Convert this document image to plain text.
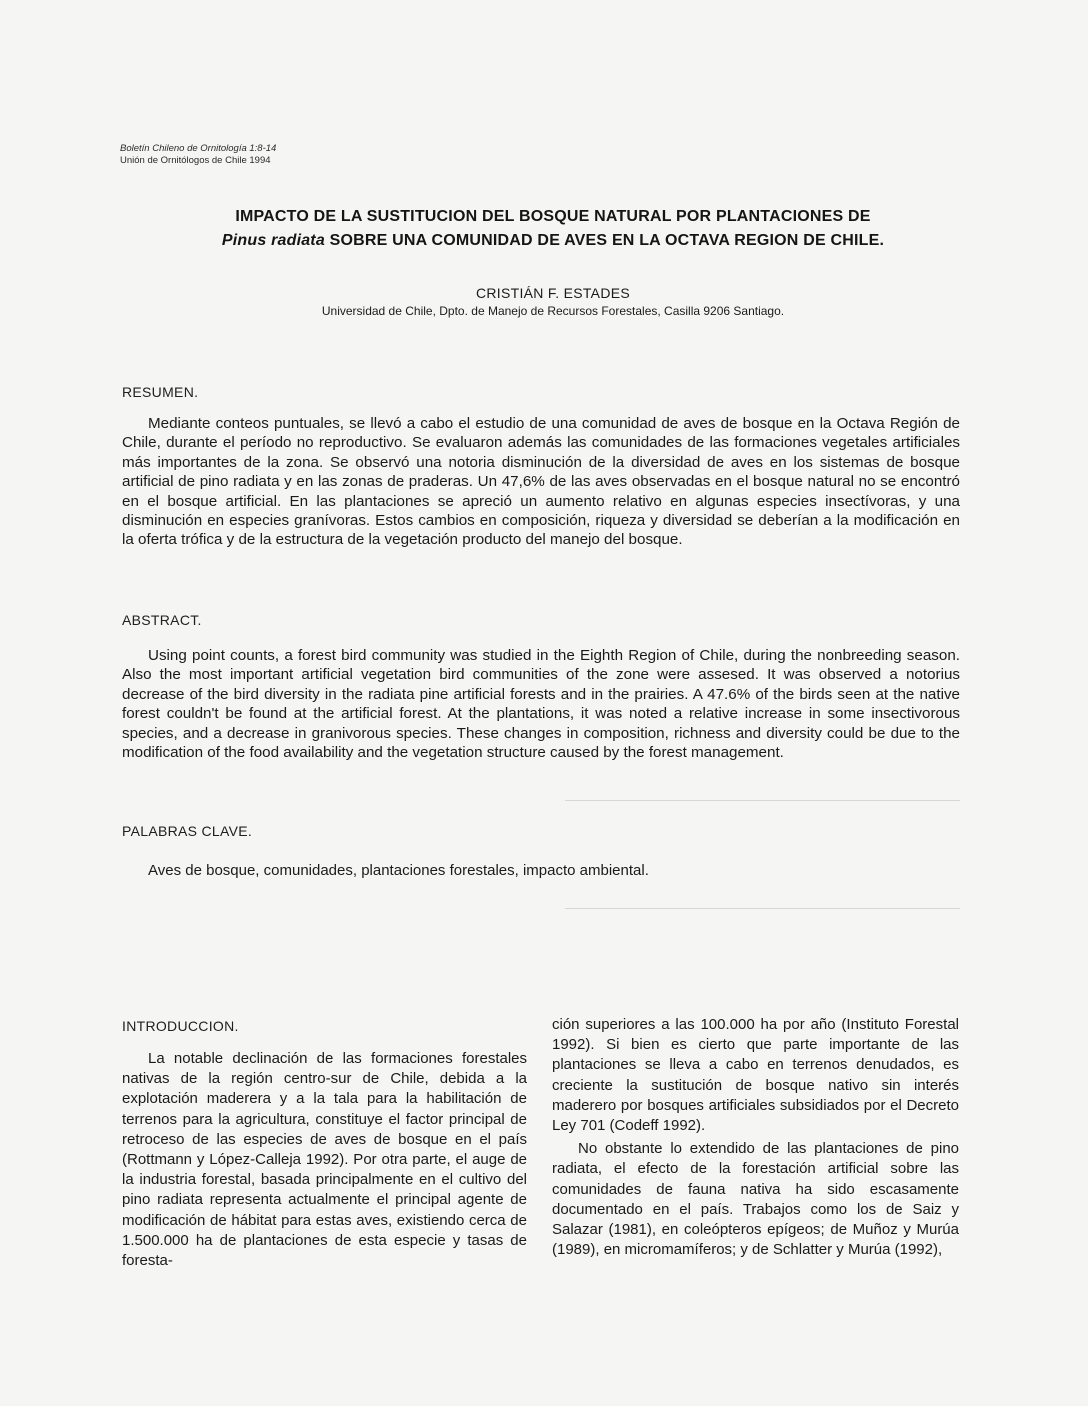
Boletín Chileno de Ornitología 1:8-14
Unión de Ornitólogos de Chile 1994
IMPACTO DE LA SUSTITUCION DEL BOSQUE NATURAL POR PLANTACIONES DE
Pinus radiata SOBRE UNA COMUNIDAD DE AVES EN LA OCTAVA REGION DE CHILE.
CRISTIÁN F. ESTADES
Universidad de Chile, Dpto. de Manejo de Recursos Forestales, Casilla 9206 Santiago.
RESUMEN.
Mediante conteos puntuales, se llevó a cabo el estudio de una comunidad de aves de bosque en la Octava Región de Chile, durante el período no reproductivo. Se evaluaron además las comunidades de las formaciones vegetales artificiales más importantes de la zona. Se observó una notoria disminución de la diversidad de aves en los sistemas de bosque artificial de pino radiata y en las zonas de praderas. Un 47,6% de las aves observadas en el bosque natural no se encontró en el bosque artificial. En las plantaciones se apreció un aumento relativo en algunas especies insectívoras, y una disminución en especies granívoras. Estos cambios en composición, riqueza y diversidad se deberían a la modificación en la oferta trófica y de la estructura de la vegetación producto del manejo del bosque.
ABSTRACT.
Using point counts, a forest bird community was studied in the Eighth Region of Chile, during the nonbreeding season. Also the most important artificial vegetation bird communities of the zone were assesed. It was observed a notorius decrease of the bird diversity in the radiata pine artificial forests and in the prairies. A 47.6% of the birds seen at the native forest couldn't be found at the artificial forest. At the plantations, it was noted a relative increase in some insectivorous species, and a decrease in granivorous species. These changes in composition, richness and diversity could be due to the modification of the food availability and the vegetation structure caused by the forest management.
PALABRAS CLAVE.
Aves de bosque, comunidades, plantaciones forestales, impacto ambiental.
INTRODUCCION.

La notable declinación de las formaciones forestales nativas de la región centro-sur de Chile, debida a la explotación maderera y a la tala para la habilitación de terrenos para la agricultura, constituye el factor principal de retroceso de las especies de aves de bosque en el país (Rottmann y López-Calleja 1992). Por otra parte, el auge de la industria forestal, basada principalmente en el cultivo del pino radiata representa actualmente el principal agente de modificación de hábitat para estas aves, existiendo cerca de 1.500.000 ha de plantaciones de esta especie y tasas de foresta-

ción superiores a las 100.000 ha por año (Instituto Forestal 1992). Si bien es cierto que parte importante de las plantaciones se lleva a cabo en terrenos denudados, es creciente la sustitución de bosque nativo sin interés maderero por bosques artificiales subsidiados por el Decreto Ley 701 (Codeff 1992).

No obstante lo extendido de las plantaciones de pino radiata, el efecto de la forestación artificial sobre las comunidades de fauna nativa ha sido escasamente documentado en el país. Trabajos como los de Saiz y Salazar (1981), en coleópteros epígeos; de Muñoz y Murúa (1989), en micromamíferos; y de Schlatter y Murúa (1992),
